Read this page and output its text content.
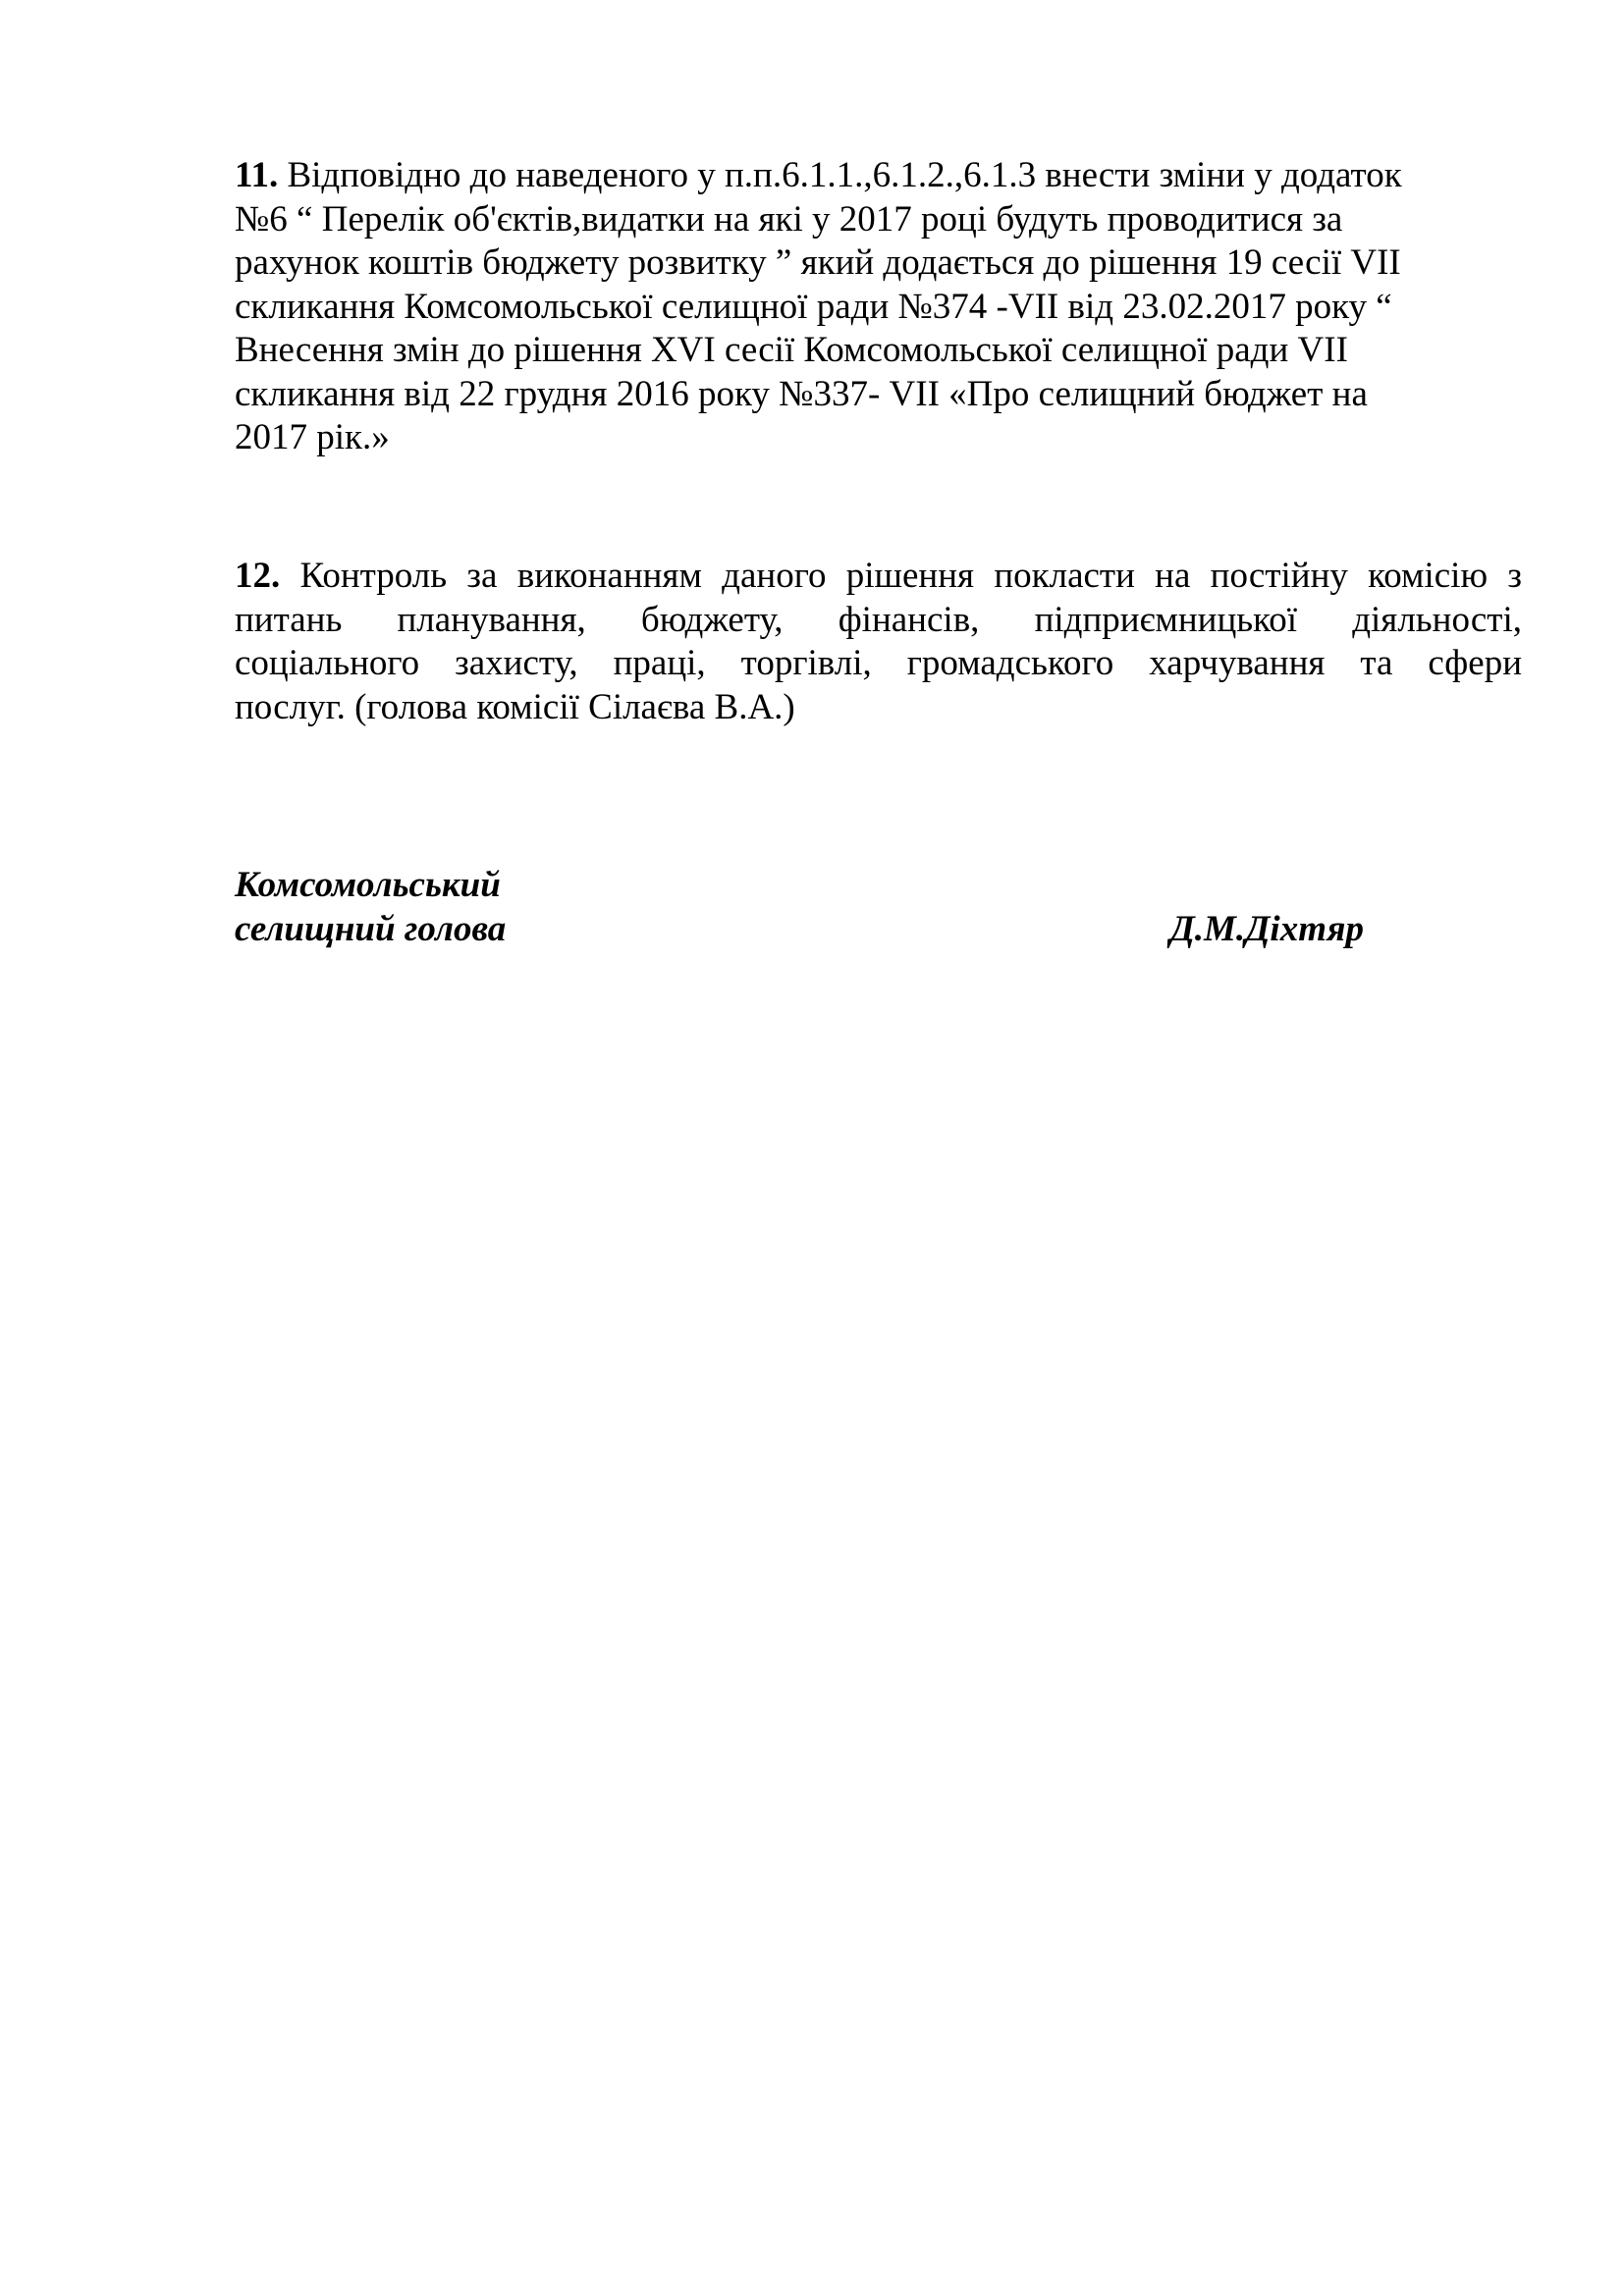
11. Відповідно до наведеного у п.п.6.1.1.,6.1.2.,6.1.3 внести зміни у додаток
№6 “ Перелік об'єктів,видатки на які у 2017 році будуть проводитися за
рахунок коштів бюджету розвитку ” який додається до рішення 19 сесії VII
скликання Комсомольської селищної ради №374 -VII від 23.02.2017 року “
Внесення змін до рішення XVI сесії Комсомольської селищної ради VII
скликання від 22 грудня 2016 року №337- VII «Про селищний бюджет на
2017 рік.»
12. Контроль за виконанням даного рішення покласти на постійну комісію з
питань планування, бюджету, фінансів, підприємницької діяльності,
соціального захисту, праці, торгівлі, громадського харчування та сфери
послуг. (голова комісії Сілаєва В.А.)
Комсомольський
селищний голова	Д.М.Діхтяр
